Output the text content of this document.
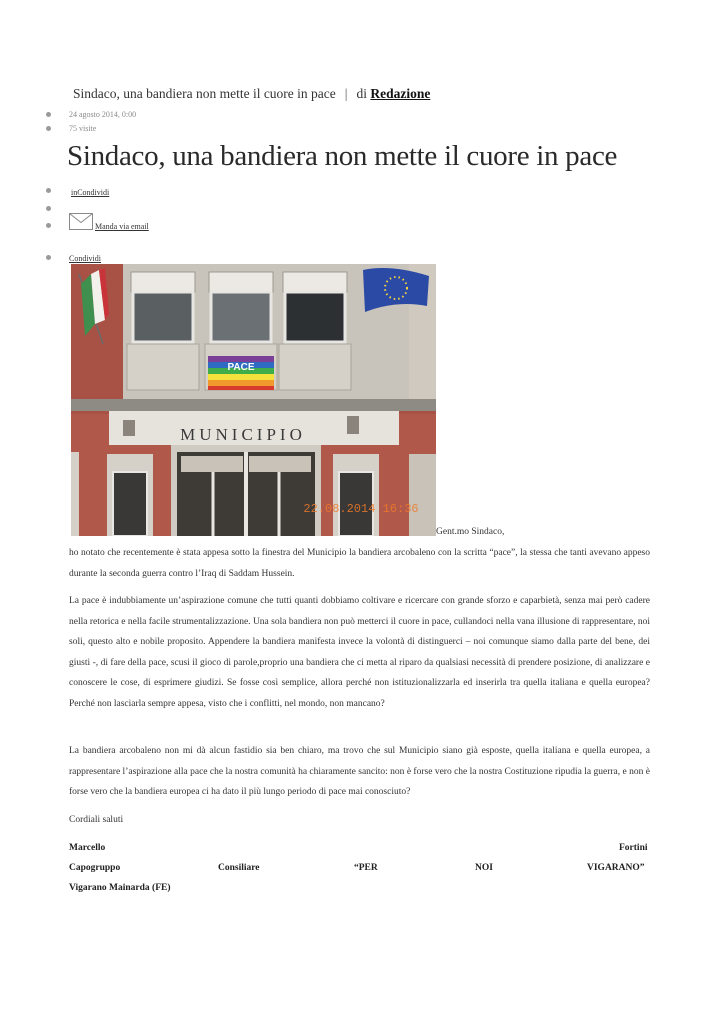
Sindaco, una bandiera non mette il cuore in pace | di Redazione
24 agosto 2014, 0:00
75 visite
Sindaco, una bandiera non mette il cuore in pace
inCondividi
Manda via email
Condividi
PACE
MUNICIPIO
22.08.2014 16:36
Gent.mo Sindaco,

ho notato che recentemente è stata appesa sotto la finestra del Municipio la bandiera arcobaleno con la scritta “pace”, la stessa che tanti avevano appeso durante la seconda guerra contro l’Iraq di Saddam Hussein.

La pace è indubbiamente un’aspirazione comune che tutti quanti dobbiamo coltivare e ricercare con grande sforzo e caparbietà, senza mai però cadere nella retorica e nella facile strumentalizzazione. Una sola bandiera non può metterci il cuore in pace, cullandoci nella vana illusione di rappresentare, noi soli, questo alto e nobile proposito. Appendere la bandiera manifesta invece la volontà di distinguerci – noi comunque siamo dalla parte del bene, dei giusti -, di fare della pace, scusi il gioco di parole,proprio una bandiera che ci metta al riparo da qualsiasi necessità di prendere posizione, di analizzare e conoscere le cose, di esprimere giudizi. Se fosse così semplice, allora perché non istituzionalizzarla ed inserirla tra quella italiana e quella europea? Perché non lasciarla sempre appesa, visto che i conflitti, nel mondo, non mancano?

La bandiera arcobaleno non mi dà alcun fastidio sia ben chiaro, ma trovo che sul Municipio siano già esposte, quella italiana e quella europea, a rappresentare l’aspirazione alla pace che la nostra comunità ha chiaramente sancito: non è forse vero che la nostra Costituzione ripudia la guerra, e non è forse vero che la bandiera europea ci ha dato il più lungo periodo di pace mai conosciuto?

Cordiali saluti

Marcello	Fortini
Capogruppo	Consiliare	“PER	NOI	VIGARANO”
Vigarano Mainarda (FE)
